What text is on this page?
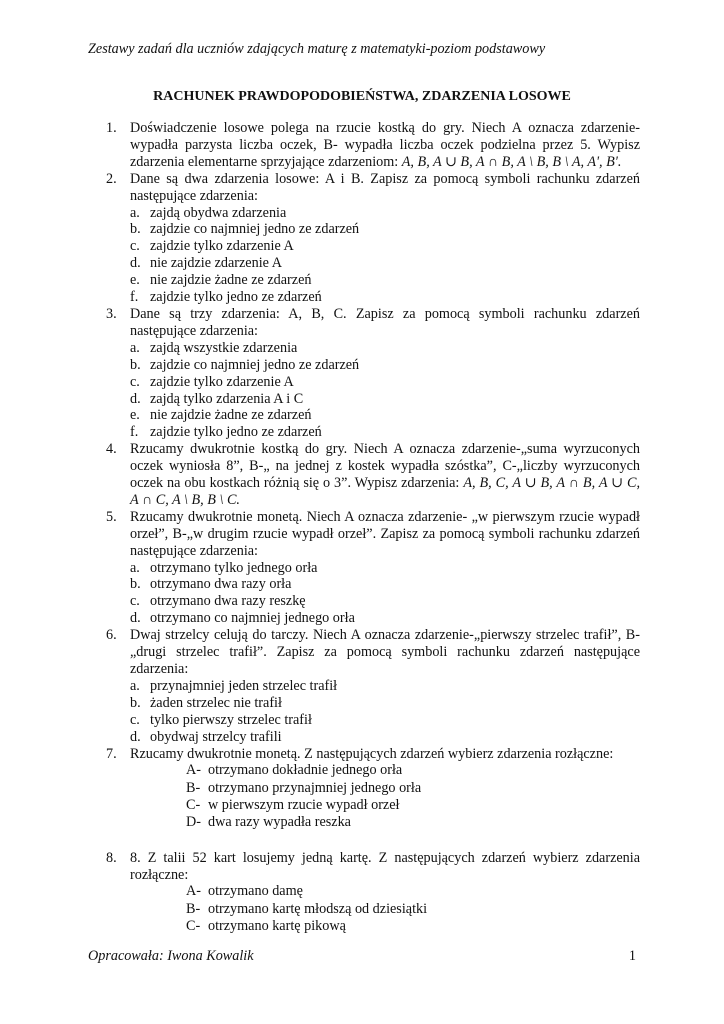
Zestawy zadań dla uczniów zdających maturę z matematyki-poziom podstawowy
RACHUNEK PRAWDOPODOBIEŃSTWA, ZDARZENIA LOSOWE
1. Doświadczenie losowe polega na rzucie kostką do gry. Niech A oznacza zdarzenie-wypadła parzysta liczba oczek, B- wypadła liczba oczek podzielna przez 5. Wypisz zdarzenia elementarne sprzyjające zdarzeniom: A, B, A ∪ B, A ∩ B, A \ B, B \ A, A', B'.
2. Dane są dwa zdarzenia losowe: A i B. Zapisz za pomocą symboli rachunku zdarzeń następujące zdarzenia:
a. zajdą obydwa zdarzenia
b. zajdzie co najmniej jedno ze zdarzeń
c. zajdzie tylko zdarzenie A
d. nie zajdzie zdarzenie A
e. nie zajdzie żadne ze zdarzeń
f. zajdzie tylko jedno ze zdarzeń
3. Dane są trzy zdarzenia: A, B, C. Zapisz za pomocą symboli rachunku zdarzeń następujące zdarzenia:
a. zajdą wszystkie zdarzenia
b. zajdzie co najmniej jedno ze zdarzeń
c. zajdzie tylko zdarzenie A
d. zajdą tylko zdarzenia A i C
e. nie zajdzie żadne ze zdarzeń
f. zajdzie tylko jedno ze zdarzeń
4. Rzucamy dwukrotnie kostką do gry. Niech A oznacza zdarzenie-„suma wyrzuconych oczek wyniosła 8”, B-„ na jednej z kostek wypadła szóstka”, C-„liczby wyrzuconych oczek na obu kostkach różnią się o 3”. Wypisz zdarzenia: A, B, C, A ∪ B, A ∩ B, A ∪ C, A ∩ C, A \ B, B \ C.
5. Rzucamy dwukrotnie monetą. Niech A oznacza zdarzenie- „w pierwszym rzucie wypadł orzeł”, B-„w drugim rzucie wypadł orzeł”. Zapisz za pomocą symboli rachunku zdarzeń następujące zdarzenia:
a. otrzymano tylko jednego orła
b. otrzymano dwa razy orła
c. otrzymano dwa razy reszkę
d. otrzymano co najmniej jednego orła
6. Dwaj strzelcy celują do tarczy. Niech A oznacza zdarzenie-„pierwszy strzelec trafił”, B-„drugi strzelec trafił”. Zapisz za pomocą symboli rachunku zdarzeń następujące zdarzenia:
a. przynajmniej jeden strzelec trafił
b. żaden strzelec nie trafił
c. tylko pierwszy strzelec trafił
d. obydwaj strzelcy trafili
7. Rzucamy dwukrotnie monetą. Z następujących zdarzeń wybierz zdarzenia rozłączne:
A- otrzymano dokładnie jednego orła
B- otrzymano przynajmniej jednego orła
C- w pierwszym rzucie wypadł orzeł
D- dwa razy wypadła reszka
8. 8. Z talii 52 kart losujemy jedną kartę. Z następujących zdarzeń wybierz zdarzenia rozłączne:
A- otrzymano damę
B- otrzymano kartę młodszą od dziesiątki
C- otrzymano kartę pikową
Opracowała: Iwona Kowalik	1
